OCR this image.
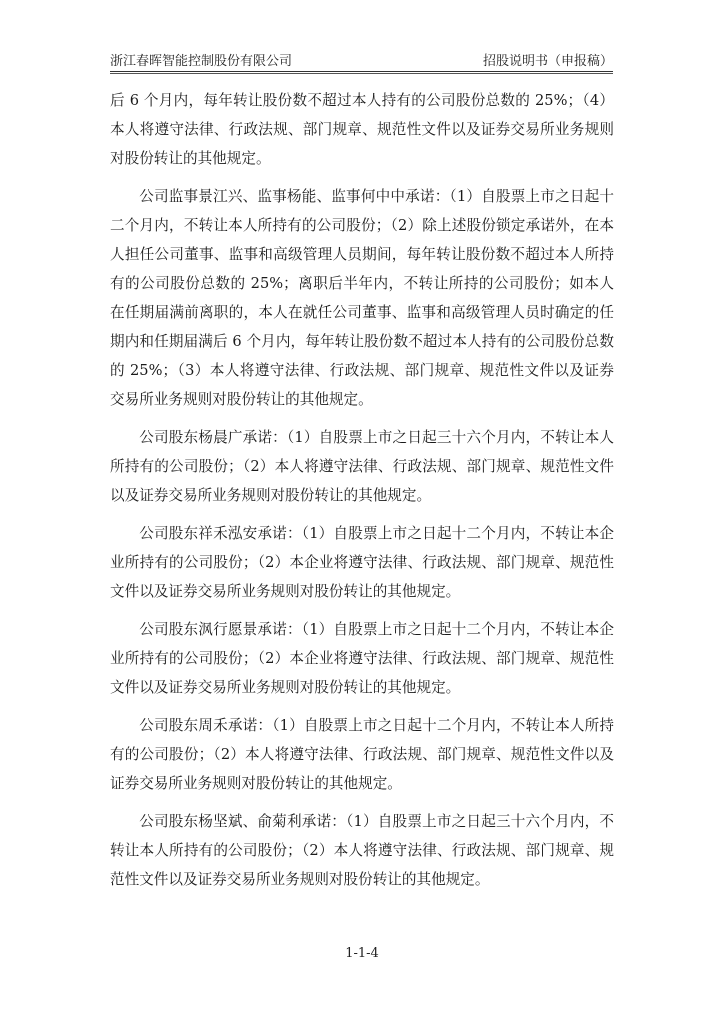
浙江春晖智能控制股份有限公司	招股说明书（申报稿）

后 6 个月内，每年转让股份数不超过本人持有的公司股份总数的 25%；（4）本人将遵守法律、行政法规、部门规章、规范性文件以及证券交易所业务规则对股份转让的其他规定。

公司监事景江兴、监事杨能、监事何中中承诺：（1）自股票上市之日起十二个月内，不转让本人所持有的公司股份；（2）除上述股份锁定承诺外，在本人担任公司董事、监事和高级管理人员期间，每年转让股份数不超过本人所持有的公司股份总数的 25%；离职后半年内，不转让所持的公司股份；如本人在任期届满前离职的，本人在就任公司董事、监事和高级管理人员时确定的任期内和任期届满后 6 个月内，每年转让股份数不超过本人持有的公司股份总数的 25%；（3）本人将遵守法律、行政法规、部门规章、规范性文件以及证券交易所业务规则对股份转让的其他规定。

公司股东杨晨广承诺：（1）自股票上市之日起三十六个月内，不转让本人所持有的公司股份；（2）本人将遵守法律、行政法规、部门规章、规范性文件以及证券交易所业务规则对股份转让的其他规定。

公司股东祥禾泓安承诺：（1）自股票上市之日起十二个月内，不转让本企业所持有的公司股份；（2）本企业将遵守法律、行政法规、部门规章、规范性文件以及证券交易所业务规则对股份转让的其他规定。

公司股东沨行愿景承诺：（1）自股票上市之日起十二个月内，不转让本企业所持有的公司股份；（2）本企业将遵守法律、行政法规、部门规章、规范性文件以及证券交易所业务规则对股份转让的其他规定。

公司股东周禾承诺：（1）自股票上市之日起十二个月内，不转让本人所持有的公司股份；（2）本人将遵守法律、行政法规、部门规章、规范性文件以及证券交易所业务规则对股份转让的其他规定。

公司股东杨坚斌、俞菊利承诺：（1）自股票上市之日起三十六个月内，不转让本人所持有的公司股份；（2）本人将遵守法律、行政法规、部门规章、规范性文件以及证券交易所业务规则对股份转让的其他规定。

1-1-4
